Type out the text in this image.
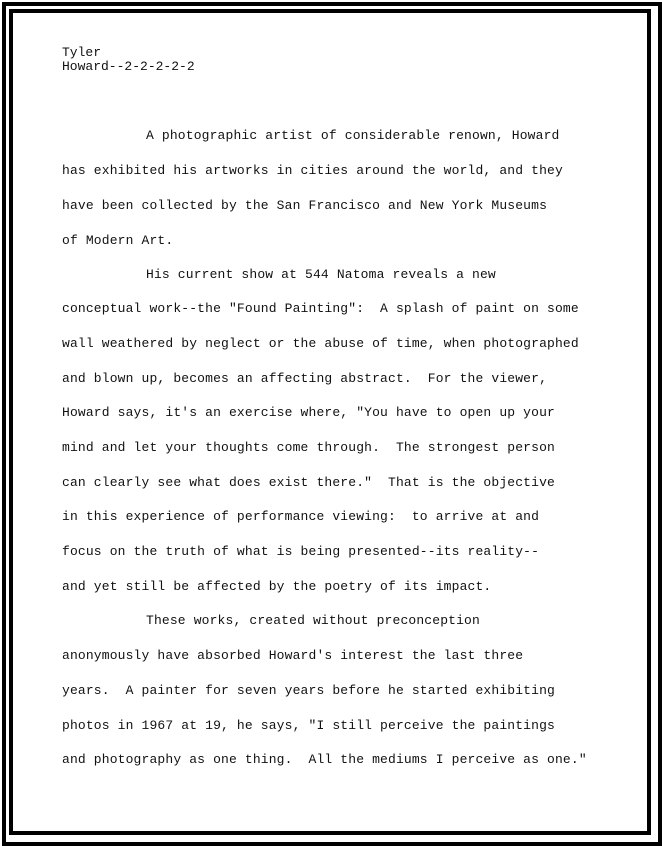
Tyler
Howard--2-2-2-2-2
A photographic artist of considerable renown, Howard
has exhibited his artworks in cities around the world, and they
have been collected by the San Francisco and New York Museums
of Modern Art.
His current show at 544 Natoma reveals a new
conceptual work--the "Found Painting":  A splash of paint on some
wall weathered by neglect or the abuse of time, when photographed
and blown up, becomes an affecting abstract.  For the viewer,
Howard says, it's an exercise where, "You have to open up your
mind and let your thoughts come through.  The strongest person
can clearly see what does exist there."  That is the objective
in this experience of performance viewing:  to arrive at and
focus on the truth of what is being presented--its reality--
and yet still be affected by the poetry of its impact.
These works, created without preconception
anonymously have absorbed Howard's interest the last three
years.  A painter for seven years before he started exhibiting
photos in 1967 at 19, he says, "I still perceive the paintings
and photography as one thing.  All the mediums I perceive as one."
